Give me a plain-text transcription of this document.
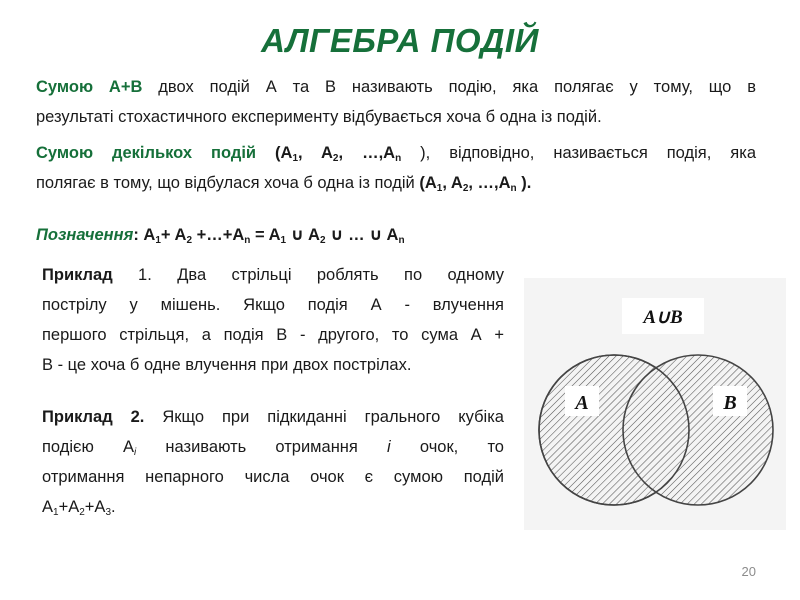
АЛГЕБРА ПОДІЙ
Сумою A+B двох подій А та В називають подію, яка полягає у тому, що в
результаті стохастичного експерименту відбувається хоча б одна із подій.
Сумою декількох подій ($A_1$, $A_2$, $\dots,A_n$ ), відповідно, називається подія, яка
полягає в тому, що відбулася хоча б одна із подій ($A_1$, $A_2$, $\dots,A_n$ ).
Позначення: $A_1+ A_2$ $+\dots+A_n = A_1$ ∪ $A_2$ ∪ … ∪ $A_n$
Приклад 1. Два стрільці роблять по одному
пострілу у мішень. Якщо подія А - влучення
першого стрільця, а подія В - другого, то сума А +
В - це хоча б одне влучення при двох пострілах.
Приклад 2. Якщо при підкиданні грального кубіка
подією $А_i$ називають отримання i очок, то
отримання непарного числа очок є сумою подій
$A_1+A_2+A_3$.
A∪B
A	B
20
